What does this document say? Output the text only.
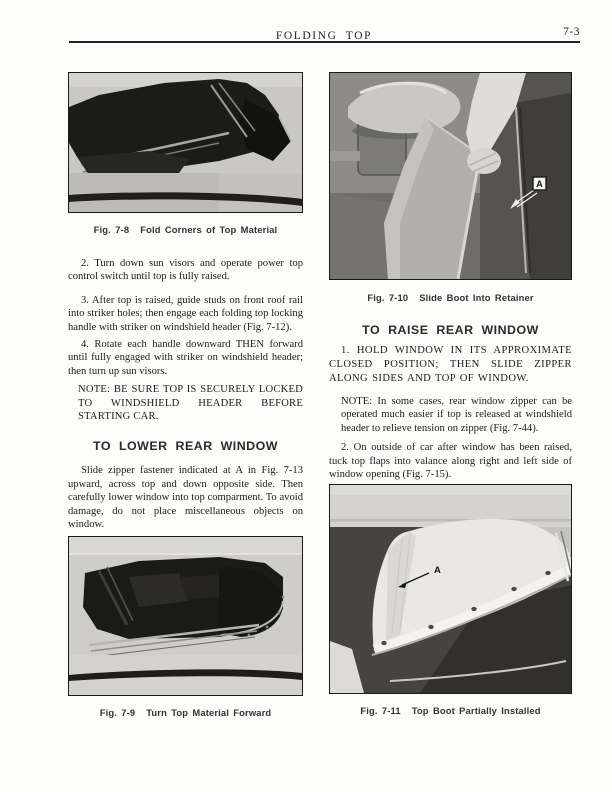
FOLDING TOP	7-3
Fig. 7-8 Fold Corners of Top Material

2. Turn down sun visors and operate power top control switch until top is fully raised.

3. After top is raised, guide studs on front roof rail into striker holes; then engage each folding top locking handle with striker on windshield header (Fig. 7-12).

4. Rotate each handle downward THEN forward until fully engaged with striker on windshield header; then turn up sun visors.

NOTE: BE SURE TOP IS SECURELY LOCKED TO WINDSHIELD HEADER BEFORE STARTING CAR.

TO LOWER REAR WINDOW

Slide zipper fastener indicated at A in Fig. 7-13 upward, across top and down opposite side. Then carefully lower window into top comparment. To avoid damage, do not place miscellaneous objects on window.

Fig. 7-9 Turn Top Material Forward
A
Fig. 7-10 Slide Boot Into Retainer
TO RAISE REAR WINDOW

1. HOLD WINDOW IN ITS APPROXIMATE CLOSED POSITION; THEN SLIDE ZIPPER ALONG SIDES AND TOP OF WINDOW.

NOTE: In some cases, rear window zipper can be operated much easier if top is released at windshield header to relieve tension on zipper (Fig. 7-44).

2. On outside of car after window has been raised, tuck top flaps into valance along right and left side of window opening (Fig. 7-15).

A
Fig. 7-11 Top Boot Partially Installed
